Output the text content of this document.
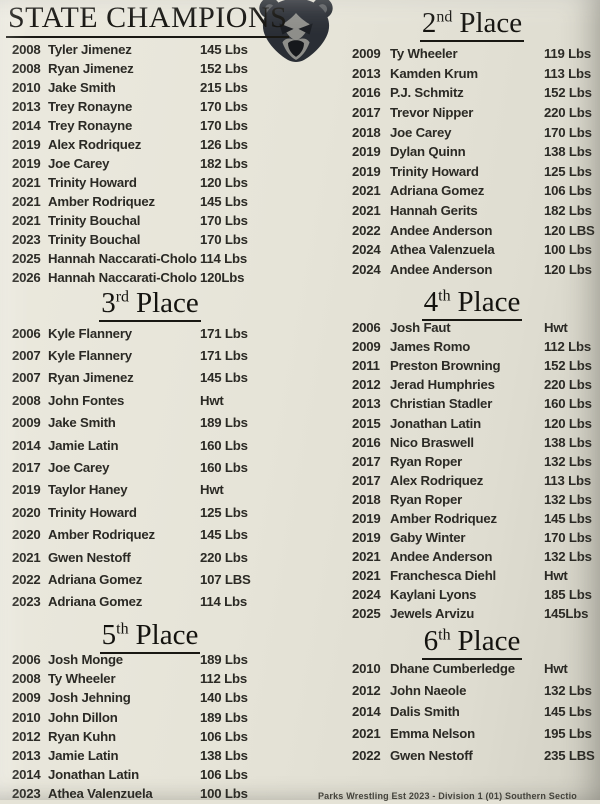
STATE CHAMPIONS
2008 Tyler Jimenez	145 Lbs
2008 Ryan Jimenez	152 Lbs
2010 Jake Smith	215 Lbs
2013 Trey Ronayne	170 Lbs
2014 Trey Ronayne	170 Lbs
2019 Alex Rodriquez	126 Lbs
2019 Joe Carey	182 Lbs
2021 Trinity Howard	120 Lbs
2021 Amber Rodriquez	145 Lbs
2021 Trinity Bouchal	170 Lbs
2023 Trinity Bouchal	170 Lbs
2025 Hannah Naccarati-Cholo 114 Lbs
2026 Hannah Naccarati-Cholo 120Lbs
2nd Place
2009 Ty Wheeler	119 Lbs
2013 Kamden Krum	113 Lbs
2016 P.J. Schmitz	152 Lbs
2017 Trevor Nipper	220 Lbs
2018 Joe Carey	170 Lbs
2019 Dylan Quinn	138 Lbs
2019 Trinity Howard	125 Lbs
2021 Adriana Gomez	106 Lbs
2021 Hannah Gerits	182 Lbs
2022 Andee Anderson	120 LBS
2024 Athea Valenzuela	100 Lbs
2024 Andee Anderson	120 Lbs
3rd Place
2006 Kyle Flannery	171 Lbs
2007 Kyle Flannery	171 Lbs
2007 Ryan Jimenez	145 Lbs
2008 John Fontes	Hwt
2009 Jake Smith	189 Lbs
2014 Jamie Latin	160 Lbs
2017 Joe Carey	160 Lbs
2019 Taylor Haney	Hwt
2020 Trinity Howard	125 Lbs
2020 Amber Rodriquez	145 Lbs
2021 Gwen Nestoff	220 Lbs
2022 Adriana Gomez	107 LBS
2023 Adriana Gomez	114 Lbs
4th Place
2006 Josh Faut	Hwt
2009 James Romo	112 Lbs
2011 Preston Browning	152 Lbs
2012 Jerad Humphries	220 Lbs
2013 Christian Stadler	160 Lbs
2015 Jonathan Latin	120 Lbs
2016 Nico Braswell	138 Lbs
2017 Ryan Roper	132 Lbs
2017 Alex Rodriquez	113 Lbs
2018 Ryan Roper	132 Lbs
2019 Amber Rodriquez	145 Lbs
2019 Gaby Winter	170 Lbs
2021 Andee Anderson	132 Lbs
2021 Franchesca Diehl	Hwt
2024 Kaylani Lyons	185 Lbs
2025 Jewels Arvizu	145Lbs
5th Place
2006 Josh Monge	189 Lbs
2008 Ty Wheeler	112 Lbs
2009 Josh Jehning	140 Lbs
2010 John Dillon	189 Lbs
2012 Ryan Kuhn	106 Lbs
2013 Jamie Latin	138 Lbs
2014 Jonathan Latin	106 Lbs
2023 Athea Valenzuela	100 Lbs
6th Place
2010 Dhane Cumberledge	Hwt
2012 John Naeole	132 Lbs
2014 Dalis Smith	145 Lbs
2021 Emma Nelson	195 Lbs
2022 Gwen Nestoff	235 LBS
Parks Wrestling Est 2023 - Division 1 (01) Southern Sectio
